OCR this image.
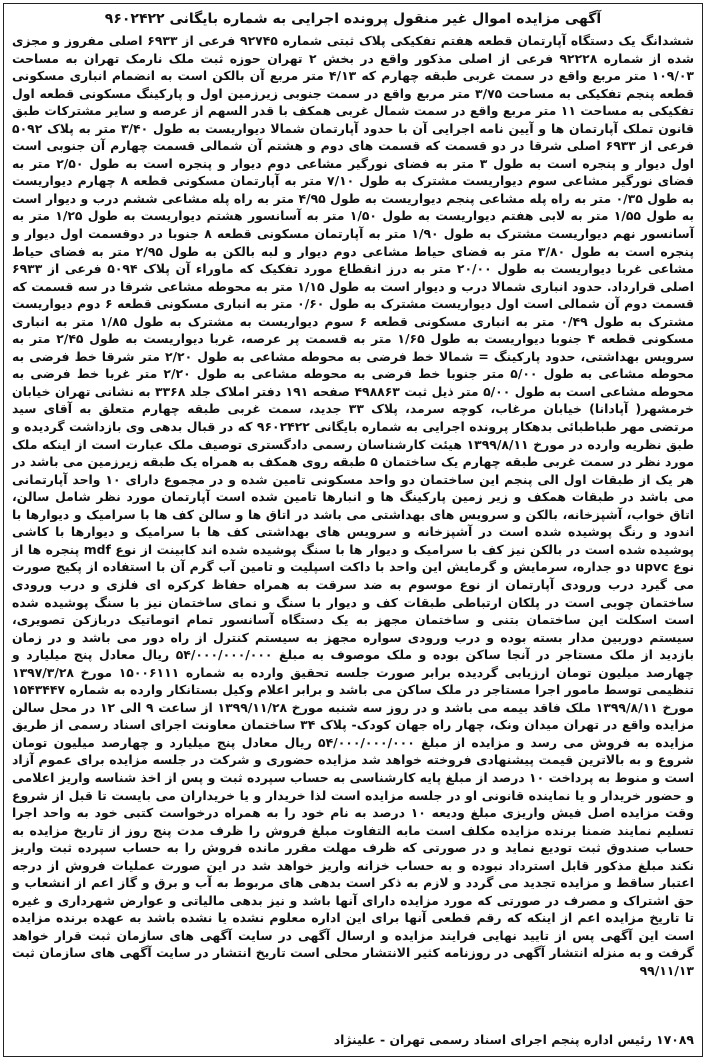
آگهی مزایده اموال غیر منقول پرونده اجرایی به شماره بایگانی ۹۶۰۲۴۲۲
ششدانگ یک دستگاه آپارتمان قطعه هفتم تفکیکی پلاک ثبتی شماره ۹۲۷۴۵ فرعی از ۶۹۳۳ اصلی مفروز و مجزی شده از شماره ۹۲۲۲۸ فرعی از اصلی مذکور واقع در بخش ۲ تهران حوزه ثبت ملک نارمک تهران به مساحت ۱۰۹/۰۳ متر مربع واقع در سمت غربی طبقه چهارم که ۴/۱۳ متر مربع آن بالکن است به انضمام انباری مسکونی قطعه پنجم تفکیکی به مساحت ۳/۷۵ متر مربع واقع در سمت جنوبی زیرزمین اول و پارکینگ مسکونی قطعه اول تفکیکی به مساحت ۱۱ متر مربع واقع در سمت شمال غربی همکف با قدر السهم از عرصه و سایر مشترکات طبق قانون تملک آپارتمان ها و آیین نامه اجرایی آن با حدود آپارتمان شمالا دیواریست به طول ۳/۴۰ متر به پلاک ۵۰۹۲ فرعی از ۶۹۳۳ اصلی شرقا در دو قسمت که قسمت های دوم و هشتم آن شمالی قسمت چهارم آن جنوبی است اول دیوار و پنجره است به طول ۳ متر به فضای نورگیر مشاعی دوم دیوار و پنجره است به طول ۲/۵۰ متر به فضای نورگیر مشاعی سوم دیواریست مشترک به طول ۷/۱۰ متر به آپارتمان مسکونی قطعه ۸ چهارم دیواریست به طول ۰/۳۵ متر به راه پله مشاعی پنجم دیواریست به طول ۴/۹۵ متر به راه پله مشاعی ششم درب و دیوار است به طول ۱/۵۵ متر به لابی هفتم دیواریست به طول ۱/۵۰ متر به آسانسور هشتم دیواریست به طول ۱/۲۵ متر به آسانسور نهم دیواریست مشترک به طول ۱/۹۰ متر به آپارتمان مسکونی قطعه ۸ جنوبا در دوقسمت اول دیوار و پنجره است به طول ۳/۸۰ متر به فضای حیاط مشاعی دوم دیوار و لبه بالکن به طول ۲/۹۵ متر به فضای حیاط مشاعی غربا دیواریست به طول ۲۰/۰۰ متر به درز انقطاع مورد تفکیک که ماوراء آن پلاک ۵۰۹۴ فرعی از ۶۹۳۳ اصلی قرارداد. حدود انباری شمالا درب و دیوار است به طول ۱/۱۵ متر به محوطه مشاعی شرقا در سه قسمت که قسمت دوم آن شمالی است اول دیواریست مشترک به طول ۰/۶۰ متر به انباری مسکونی قطعه ۶ دوم دیواریست مشترک به طول ۰/۴۹ متر به انباری مسکونی قطعه ۶ سوم دیواریست به مشترک به طول ۱/۸۵ متر به انباری مسکونی قطعه ۴ جنوبا دیواریست به طول ۱/۶۵ متر به قسمت پر عرصه، غربا دیواریست به طول ۲/۴۵ متر به سرویس بهداشتی، حدود پارکینگ = شمالا خط فرضی به محوطه مشاعی به طول ۲/۲۰ متر شرقا خط فرضی به محوطه مشاعی به طول ۵/۰۰ متر جنوبا خط فرضی به محوطه مشاعی به طول ۲/۲۰ متر غربا خط فرضی به محوطه مشاعی است به طول ۵/۰۰ متر ذیل ثبت ۴۹۸۸۶۳ صفحه ۱۹۱ دفتر املاک جلد ۳۳۶۸ به نشانی تهران خیابان خرمشهر( آپادانا) خیابان مرغاب، کوچه سرمد، پلاک ۳۳ جدید، سمت غربی طبقه چهارم متعلق به آقای سید مرتضی مهر طباطبائی بدهکار پرونده اجرایی به شماره بایگانی ۹۶۰۲۴۲۲ که در قبال بدهی وی بازداشت گردیده و طبق نظریه وارده در مورخ ۱۳۹۹/۸/۱۱ هیئت کارشناسان رسمی دادگستری توصیف ملک عبارت است از اینکه ملک مورد نظر در سمت غربی طبقه چهارم یک ساختمان ۵ طبقه روی همکف به همراه یک طبقه زیرزمین می باشد در هر یک از طبقات اول الی پنجم این ساختمان دو واحد مسکونی تامین شده و در مجموع دارای ۱۰ واحد آپارتمانی می باشد در طبقات همکف و زیر زمین پارکینگ ها و انبارها تامین شده است آپارتمان مورد نظر شامل سالن، اتاق خواب، آشپزخانه، بالکن و سرویس های بهداشتی می باشد در اتاق ها و سالن کف ها با سرامیک و دیوارها با اندود و رنگ پوشیده شده است در آشپزخانه و سرویس های بهداشتی کف ها با سرامیک و دیوارها با کاشی پوشیده شده است در بالکن نیز کف با سرامیک و دیوار ها با سنگ پوشیده شده اند کابینت از نوع mdf پنجره ها از نوع upvc دو جداره، سرمایش و گرمایش این واحد با داکت اسپلیت و تامین آب گرم آن با استفاده از پکیج صورت می گیرد درب ورودی آپارتمان از نوع موسوم به ضد سرقت به همراه حفاظ کرکره ای فلزی و درب ورودی ساختمان چوبی است در پلکان ارتباطی طبقات کف و دیوار با سنگ و نمای ساختمان نیز با سنگ پوشیده شده است اسکلت این ساختمان بتنی و ساختمان مجهز به یک دستگاه آسانسور تمام اتوماتیک دربازکن تصویری، سیستم دوربین مدار بسته بوده و درب ورودی سواره مجهز به سیستم کنترل از راه دور می باشد و در زمان بازدید از ملک مستاجر در آنجا ساکن بوده و ملک موصوف به مبلغ ۵۴/۰۰۰/۰۰۰/۰۰۰ ریال معادل پنج میلیارد و چهارصد میلیون تومان ارزیابی گردیده برابر صورت جلسه تحقیق وارده به شماره ۱۵۰۰۶۱۱۱ مورخ ۱۳۹۷/۳/۲۸ تنظیمی توسط مامور اجرا مستاجر در ملک ساکن می باشد و برابر اعلام وکیل بستانکار وارده به شماره ۱۵۴۳۴۴۷ مورخ ۱۳۹۹/۸/۱۱ ملک فاقد بیمه می باشد و در روز سه شنبه مورخ ۱۳۹۹/۱۱/۲۸ از ساعت ۹ الی ۱۲ در محل سالن مزایده واقع در تهران میدان ونک، چهار راه جهان کودک- پلاک ۳۴ ساختمان معاونت اجرای اسناد رسمی از طریق مزایده به فروش می رسد و مزایده از مبلغ ۵۴/۰۰۰/۰۰۰/۰۰۰ ریال معادل پنج میلیارد و چهارصد میلیون تومان شروع و به بالاترین قیمت پیشنهادی فروخته خواهد شد مزایده حضوری و شرکت در جلسه مزایده برای عموم آزاد است و منوط به پرداخت ۱۰ درصد از مبلغ پایه کارشناسی به حساب سپرده ثبت و پس از اخذ شناسه واریز اعلامی و حضور خریدار و یا نماینده قانونی او در جلسه مزایده است لذا خریدار و یا خریداران می بایست تا قبل از شروع وقت مزایده اصل فیش واریزی مبلغ ودیعه ۱۰ درصد به نام خود را به همراه درخواست کتبی خود به واحد اجرا تسلیم نمایند ضمنا برنده مزایده مکلف است مابه التفاوت مبلغ فروش را ظرف مدت پنج روز از تاریخ مزایده به حساب صندوق ثبت تودیع نماید و در صورتی که ظرف مهلت مقرر مانده فروش را به حساب سپرده ثبت واریز نکند مبلغ مذکور قابل استرداد نبوده و به حساب خزانه واریز خواهد شد در این صورت عملیات فروش از درجه اعتبار ساقط و مزایده تجدید می گردد و لازم به ذکر است بدهی های مربوط به آب و برق و گاز اعم از انشعاب و حق اشتراک و مصرف در صورتی که مورد مزایده دارای آنها باشد و نیز بدهی مالیاتی و عوارض شهرداری و غیره تا تاریخ مزایده اعم از اینکه که رقم قطعی آنها برای این اداره معلوم نشده یا نشده باشد به عهده برنده مزایده است این آگهی پس از تایید نهایی فرایند مزایده و ارسال آگهی در سایت آگهی های سازمان ثبت قرار خواهد گرفت و به منزله انتشار آگهی در روزنامه کثیر الانتشار محلی است تاریخ انتشار در سایت آگهی های سازمان ثبت ۹۹/۱۱/۱۳
۱۷۰۸۹ رئیس اداره پنجم اجرای اسناد رسمی تهران - علینژاد
